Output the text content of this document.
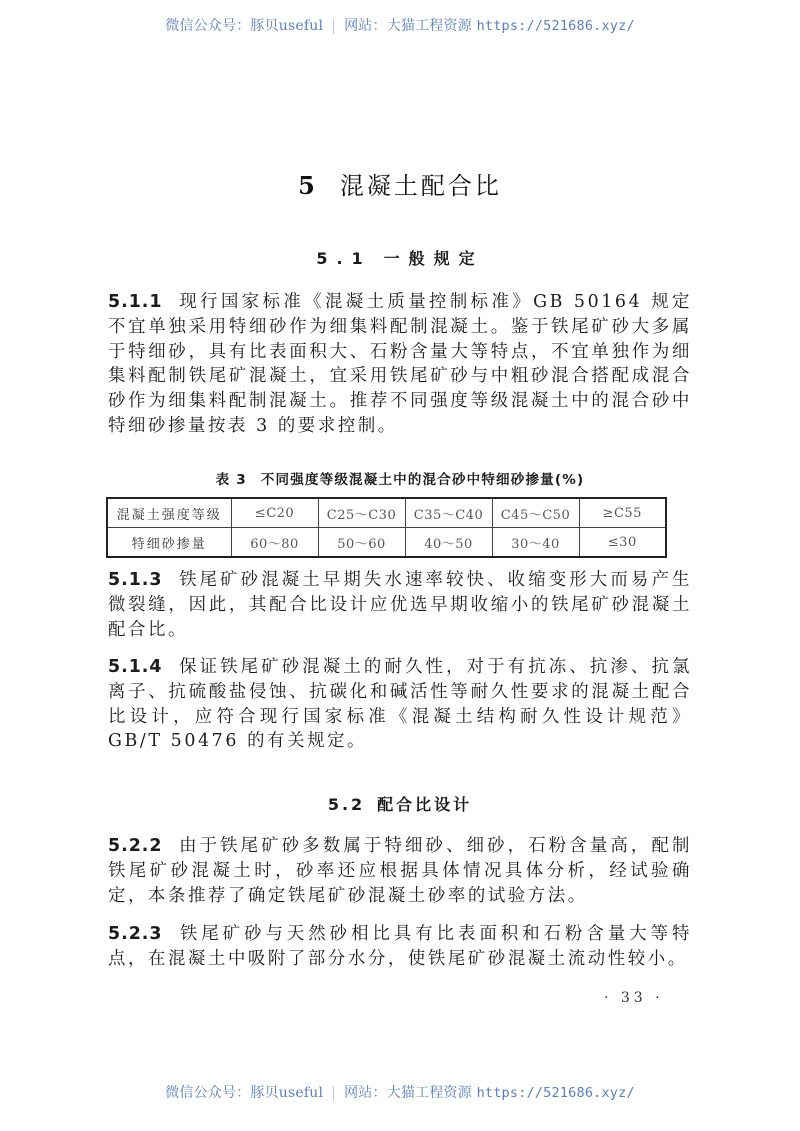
微信公众号：豚贝useful | 网站：大猫工程资源 https://521686.xyz/
5 混凝土配合比
5.1 一般规定
5.1.1 现行国家标准《混凝土质量控制标准》GB 50164 规定不宜单独采用特细砂作为细集料配制混凝土。鉴于铁尾矿砂大多属于特细砂，具有比表面积大、石粉含量大等特点，不宜单独作为细集料配制铁尾矿混凝土，宜采用铁尾矿砂与中粗砂混合搭配成混合砂作为细集料配制混凝土。推荐不同强度等级混凝土中的混合砂中特细砂掺量按表 3 的要求控制。
表 3 不同强度等级混凝土中的混合砂中特细砂掺量(%)
混凝土强度等级	≤C20	C25～C30	C35～C40	C45～C50	≥C55
特细砂掺量	60～80	50～60	40～50	30～40	≤30
5.1.3 铁尾矿砂混凝土早期失水速率较快、收缩变形大而易产生微裂缝，因此，其配合比设计应优选早期收缩小的铁尾矿砂混凝土配合比。
5.1.4 保证铁尾矿砂混凝土的耐久性，对于有抗冻、抗渗、抗氯离子、抗硫酸盐侵蚀、抗碳化和碱活性等耐久性要求的混凝土配合比设计，应符合现行国家标准《混凝土结构耐久性设计规范》GB/T 50476 的有关规定。
5.2 配合比设计
5.2.2 由于铁尾矿砂多数属于特细砂、细砂，石粉含量高，配制铁尾矿砂混凝土时，砂率还应根据具体情况具体分析，经试验确定，本条推荐了确定铁尾矿砂混凝土砂率的试验方法。
5.2.3 铁尾矿砂与天然砂相比具有比表面积和石粉含量大等特点，在混凝土中吸附了部分水分，使铁尾矿砂混凝土流动性较小。
· 33 ·
微信公众号：豚贝useful | 网站：大猫工程资源 https://521686.xyz/
